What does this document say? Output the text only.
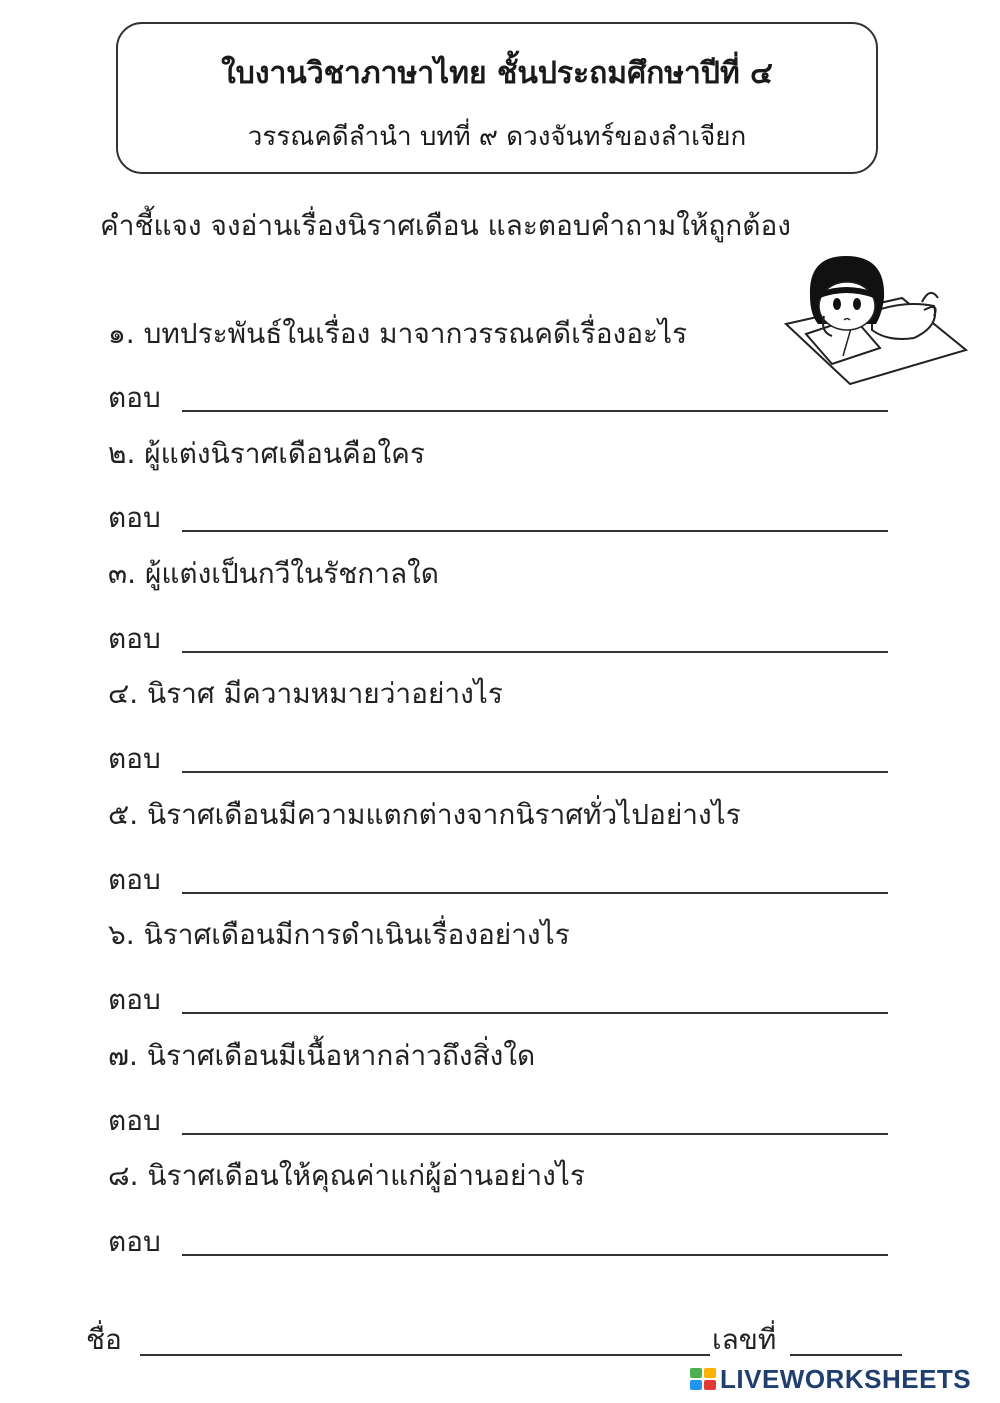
ใบงานวิชาภาษาไทย ชั้นประถมศึกษาปีที่ ๔
วรรณคดีลำนำ บทที่ ๙ ดวงจันทร์ของลำเจียก
คำชี้แจง จงอ่านเรื่องนิราศเดือน และตอบคำถามให้ถูกต้อง
๑. บทประพันธ์ในเรื่อง มาจากวรรณคดีเรื่องอะไร
ตอบ
๒. ผู้แต่งนิราศเดือนคือใคร
ตอบ
๓. ผู้แต่งเป็นกวีในรัชกาลใด
ตอบ
๔. นิราศ มีความหมายว่าอย่างไร
ตอบ
๕. นิราศเดือนมีความแตกต่างจากนิราศทั่วไปอย่างไร
ตอบ
๖. นิราศเดือนมีการดำเนินเรื่องอย่างไร
ตอบ
๗. นิราศเดือนมีเนื้อหากล่าวถึงสิ่งใด
ตอบ
๘. นิราศเดือนให้คุณค่าแก่ผู้อ่านอย่างไร
ตอบ
ชื่อ	เลขที่
LIVEWORKSHEETS
